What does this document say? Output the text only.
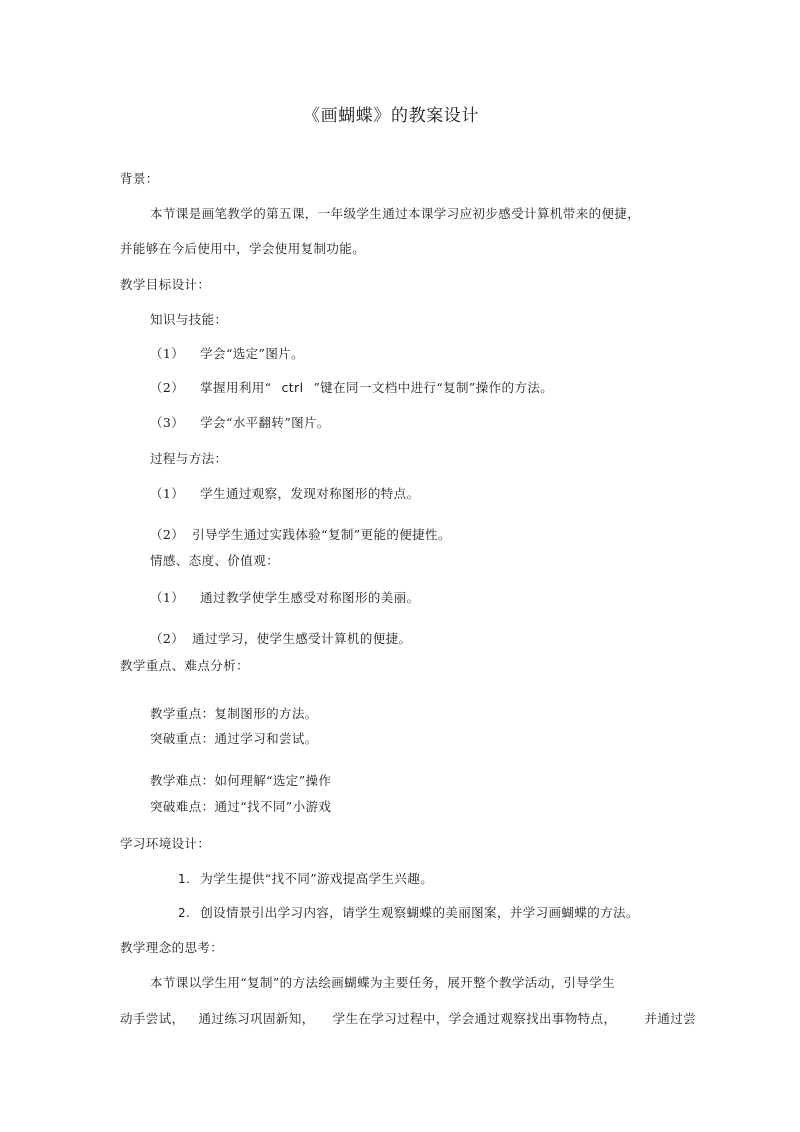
《画蝴蝶》的教案设计
背景：
本节课是画笔教学的第五课，一年级学生通过本课学习应初步感受计算机带来的便捷，
并能够在今后使用中，学会使用复制功能。
教学目标设计：
知识与技能：
（1） 学会“选定”图片。
（2） 掌握用利用“ ctrl ”键在同一文档中进行“复制”操作的方法。
（3） 学会“水平翻转”图片。
过程与方法：
（1） 学生通过观察，发现对称图形的特点。
（2） 引导学生通过实践体验“复制”更能的便捷性。
情感、态度、价值观：
（1） 通过教学使学生感受对称图形的美丽。
（2） 通过学习，使学生感受计算机的便捷。
教学重点、难点分析：
教学重点：复制图形的方法。
突破重点：通过学习和尝试。
教学难点：如何理解“选定”操作
突破难点：通过“找不同”小游戏
学习环境设计：
1. 为学生提供“找不同”游戏提高学生兴趣。
2. 创设情景引出学习内容，请学生观察蝴蝶的美丽图案，并学习画蝴蝶的方法。
教学理念的思考：
本节课以学生用“复制”的方法绘画蝴蝶为主要任务，展开整个教学活动，引导学生
动手尝试， 通过练习巩固新知， 学生在学习过程中，学会通过观察找出事物特点， 并通过尝
